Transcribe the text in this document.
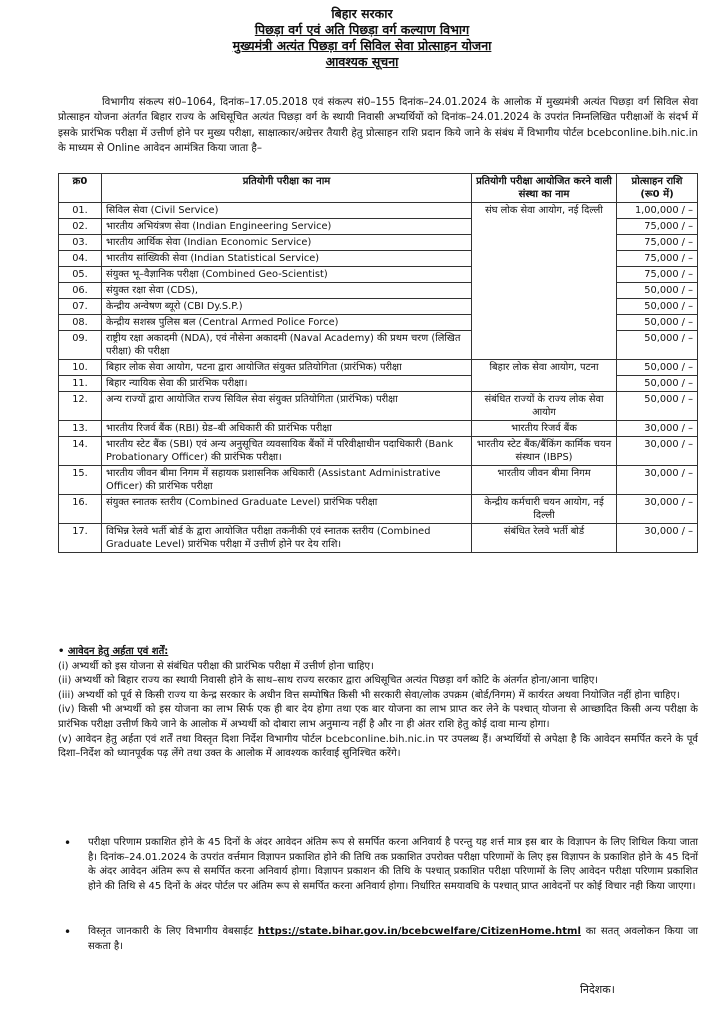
बिहार सरकार
पिछड़ा वर्ग एवं अति पिछड़ा वर्ग कल्याण विभाग
मुख्यमंत्री अत्यंत पिछड़ा वर्ग सिविल सेवा प्रोत्साहन योजना
आवश्यक सूचना
विभागीय संकल्प सं0–1064, दिनांक–17.05.2018 एवं संकल्प सं0–155 दिनांक–24.01.2024 के आलोक में मुख्यमंत्री अत्यंत पिछड़ा वर्ग सिविल सेवा प्रोत्साहन योजना अंतर्गत बिहार राज्य के अधिसूचित अत्यंत पिछड़ा वर्ग के स्थायी निवासी अभ्यर्थियों को दिनांक–24.01.2024 के उपरांत निम्नलिखित परीक्षाओं के संदर्भ में इसके प्रारंभिक परीक्षा में उत्तीर्ण होने पर मुख्य परीक्षा, साक्षात्कार/अग्रेत्तर तैयारी हेतु प्रोत्साहन राशि प्रदान किये जाने के संबंध में विभागीय पोर्टल bcebconline.bih.nic.in के माध्यम से Online आवेदन आमंत्रित किया जाता है–
क्र0	प्रतियोगी परीक्षा का नाम	प्रतियोगी परीक्षा आयोजित करने वाली संस्था का नाम	प्रोत्साहन राशि (रू0 में)
01.	सिविल सेवा (Civil Service)	संघ लोक सेवा आयोग, नई दिल्ली	1,00,000 / –
02.	भारतीय अभियंत्रण सेवा (Indian Engineering Service)		75,000 / –
03.	भारतीय आर्थिक सेवा (Indian Economic Service)		75,000 / –
04.	भारतीय सांख्यिकी सेवा (Indian Statistical Service)		75,000 / –
05.	संयुक्त भू–वैज्ञानिक परीक्षा (Combined Geo-Scientist)		75,000 / –
06.	संयुक्त रक्षा सेवा (CDS),		50,000 / –
07.	केन्द्रीय अन्वेषण ब्यूरो (CBI Dy.S.P.)		50,000 / –
08.	केन्द्रीय सशस्त्र पुलिस बल (Central Armed Police Force)		50,000 / –
09.	राष्ट्रीय रक्षा अकादमी (NDA), एवं नौसेना अकादमी (Naval Academy) की प्रथम चरण (लिखित परीक्षा) की परीक्षा		50,000 / –
10.	बिहार लोक सेवा आयोग, पटना द्वारा आयोजित संयुक्त प्रतियोगिता (प्रारंभिक) परीक्षा	बिहार लोक सेवा आयोग, पटना	50,000 / –
11.	बिहार न्यायिक सेवा की प्रारंभिक परीक्षा।		50,000 / –
12.	अन्य राज्यों द्वारा आयोजित राज्य सिविल सेवा संयुक्त प्रतियोगिता (प्रारंभिक) परीक्षा	संबंधित राज्यों के राज्य लोक सेवा आयोग	50,000 / –
13.	भारतीय रिजर्व बैंक (RBI) ग्रेड–बी अधिकारी की प्रारंभिक परीक्षा	भारतीय रिजर्व बैंक	30,000 / –
14.	भारतीय स्टेट बैंक (SBI) एवं अन्य अनुसूचित व्यवसायिक बैंकों में परिवीक्षाधीन पदाधिकारी (Bank Probationary Officer) की प्रारंभिक परीक्षा।	भारतीय स्टेट बैंक/बैंकिंग कार्मिक चयन संस्थान (IBPS)	30,000 / –
15.	भारतीय जीवन बीमा निगम में सहायक प्रशासनिक अधिकारी (Assistant Administrative Officer) की प्रारंभिक परीक्षा	भारतीय जीवन बीमा निगम	30,000 / –
16.	संयुक्त स्नातक स्तरीय (Combined Graduate Level) प्रारंभिक परीक्षा	केन्द्रीय कर्मचारी चयन आयोग, नई दिल्ली	30,000 / –
17.	विभिन्न रेलवे भर्ती बोर्ड के द्वारा आयोजित परीक्षा तकनीकी एवं स्नातक स्तरीय (Combined Graduate Level) प्रारंभिक परीक्षा में उत्तीर्ण होने पर देय राशि।	संबंधित रेलवे भर्ती बोर्ड	30,000 / –

• आवेदन हेतु अर्हता एवं शर्तें:

(i) अभ्यर्थी को इस योजना से संबंधित परीक्षा की प्रारंभिक परीक्षा में उत्तीर्ण होना चाहिए।

(ii) अभ्यर्थी को बिहार राज्य का स्थायी निवासी होने के साथ–साथ राज्य सरकार द्वारा अधिसूचित अत्यंत पिछड़ा वर्ग कोटि के अंतर्गत होना/आना चाहिए।

(iii) अभ्यर्थी को पूर्व से किसी राज्य या केन्द्र सरकार के अधीन वित्त सम्पोषित किसी भी सरकारी सेवा/लोक उपक्रम (बोर्ड/निगम) में कार्यरत अथवा नियोजित नहीं होना चाहिए।

(iv) किसी भी अभ्यर्थी को इस योजना का लाभ सिर्फ एक ही बार देय होगा तथा एक बार योजना का लाभ प्राप्त कर लेने के पश्चात् योजना से आच्छादित किसी अन्य परीक्षा के प्रारंभिक परीक्षा उत्तीर्ण किये जाने के आलोक में अभ्यर्थी को दोबारा लाभ अनुमान्य नहीं है और ना ही अंतर राशि हेतु कोई दावा मान्य होगा।

(v) आवेदन हेतु अर्हता एवं शर्तें तथा विस्तृत दिशा निर्देश विभागीय पोर्टल bcebconline.bih.nic.in पर उपलब्ध हैं। अभ्यर्थियों से अपेक्षा है कि आवेदन समर्पित करने के पूर्व दिशा–निर्देश को ध्यानपूर्वक पढ़ लेंगे तथा उक्त के आलोक में आवश्यक कार्रवाई सुनिश्चित करेंगे।

• परीक्षा परिणाम प्रकाशित होने के 45 दिनों के अंदर आवेदन अंतिम रूप से समर्पित करना अनिवार्य है परन्तु यह शर्त्त मात्र इस बार के विज्ञापन के लिए शिथिल किया जाता है। दिनांक–24.01.2024 के उपरांत वर्त्तमान विज्ञापन प्रकाशित होने की तिथि तक प्रकाशित उपरोक्त परीक्षा परिणामों के लिए इस विज्ञापन के प्रकाशित होने के 45 दिनों के अंदर आवेदन अंतिम रूप से समर्पित करना अनिवार्य होगा। विज्ञापन प्रकाशन की तिथि के पश्चात् प्रकाशित परीक्षा परिणामों के लिए आवेदन परीक्षा परिणाम प्रकाशित होने की तिथि से 45 दिनों के अंदर पोर्टल पर अंतिम रूप से समर्पित करना अनिवार्य होगा। निर्धारित समयावधि के पश्चात् प्राप्त आवेदनों पर कोई विचार नही किया जाएगा।
• विस्तृत जानकारी के लिए विभागीय वेबसाईट https://state.bihar.gov.in/bcebcwelfare/CitizenHome.html का सतत् अवलोकन किया जा सकता है।
निदेशक।
